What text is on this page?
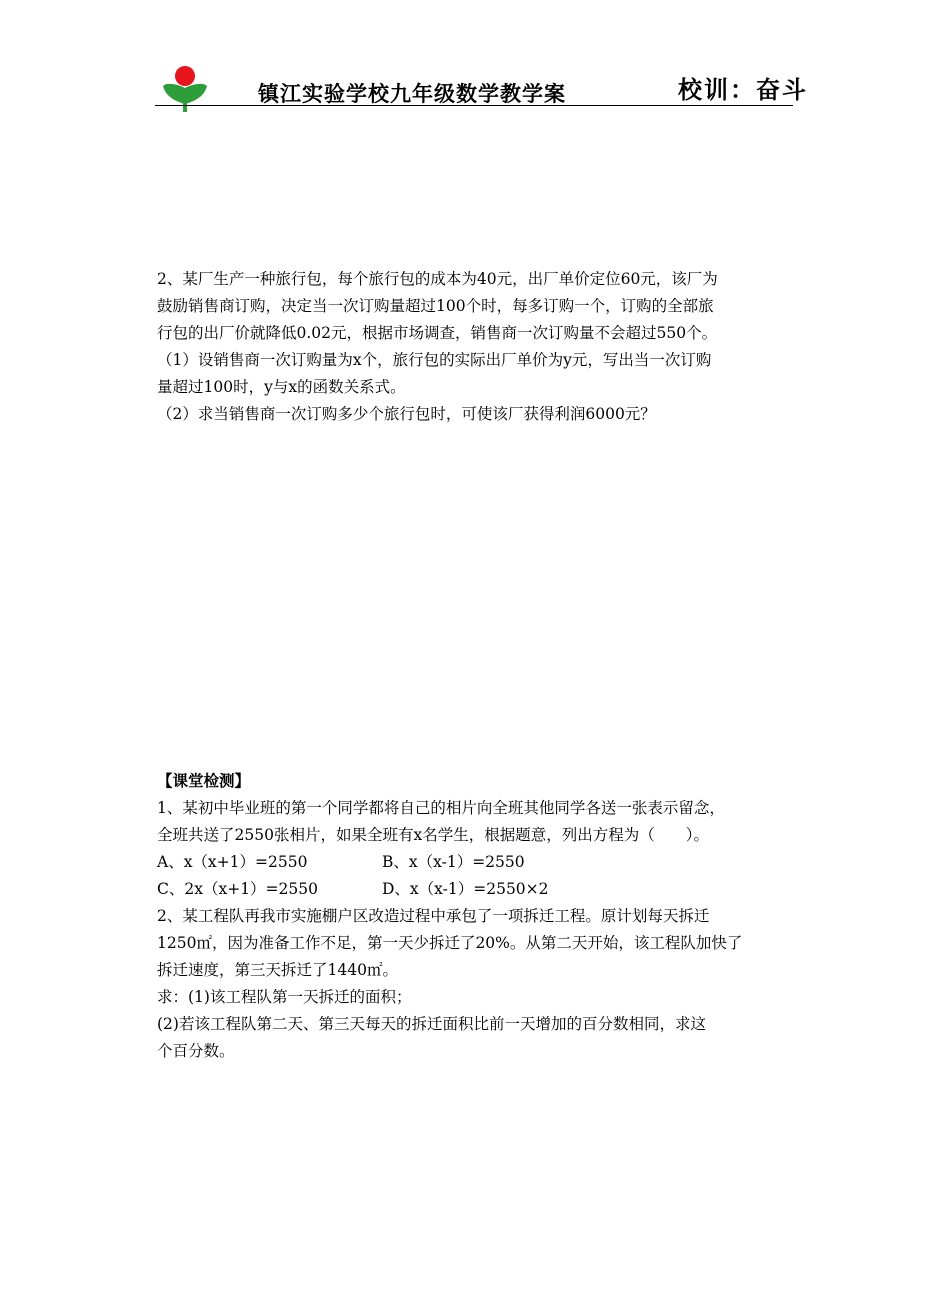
镇江实验学校九年级数学教学案	校训：奋斗
2、某厂生产一种旅行包，每个旅行包的成本为40元，出厂单价定位60元，该厂为
鼓励销售商订购，决定当一次订购量超过100个时，每多订购一个，订购的全部旅
行包的出厂价就降低0.02元，根据市场调查，销售商一次订购量不会超过550个。
（1）设销售商一次订购量为x个，旅行包的实际出厂单价为y元，写出当一次订购
量超过100时，y与x的函数关系式。
（2）求当销售商一次订购多少个旅行包时，可使该厂获得利润6000元？
【课堂检测】
1、某初中毕业班的第一个同学都将自己的相片向全班其他同学各送一张表示留念，
全班共送了2550张相片，如果全班有x名学生，根据题意，列出方程为（　　）。
A、x（x+1）=2550	B、x（x-1）=2550
C、2x（x+1）=2550	D、x（x-1）=2550×2
2、某工程队再我市实施棚户区改造过程中承包了一项拆迁工程。原计划每天拆迁
1250㎡，因为准备工作不足，第一天少拆迁了20%。从第二天开始，该工程队加快了
拆迁速度，第三天拆迁了1440㎡。
求：(1)该工程队第一天拆迁的面积；
(2)若该工程队第二天、第三天每天的拆迁面积比前一天增加的百分数相同，求这
个百分数。
